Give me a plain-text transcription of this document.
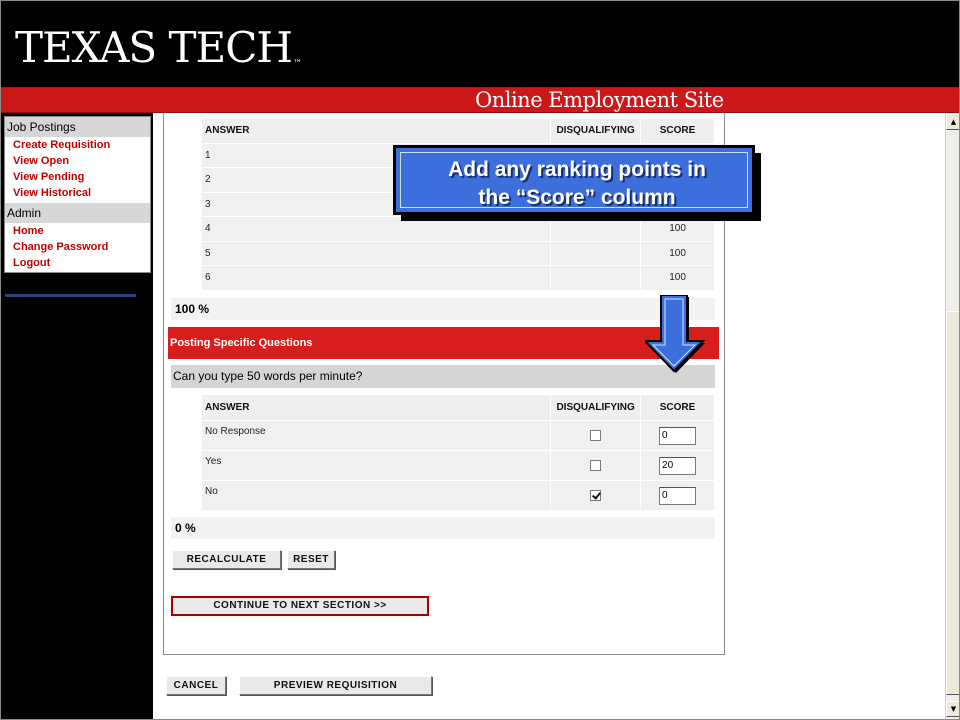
TEXAS TECH™
Online Employment Site
Job Postings
Create Requisition
View Open
View Pending
View Historical
Admin
Home
Change Password
Logout
ANSWER	DISQUALIFYING	SCORE
1		
2		
3		
4		100
5		100
6		100
100 %
Posting Specific Questions
Can you type 50 words per minute?
ANSWER	DISQUALIFYING	SCORE
No Response		0
Yes		20
No		0
0 %
RECALCULATE	RESET
CONTINUE TO NEXT SECTION >>
CANCEL	PREVIEW REQUISITION
Add any ranking points in
the “Score” column
▲
▼
